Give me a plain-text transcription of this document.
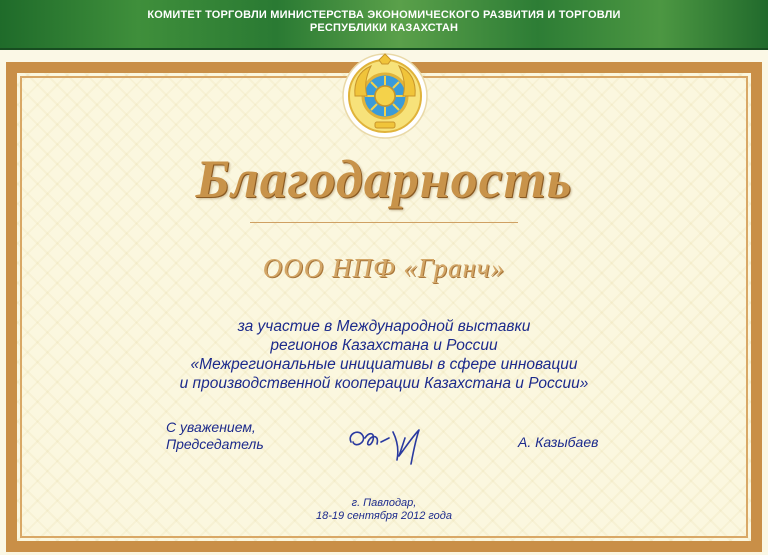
КОМИТЕТ ТОРГОВЛИ МИНИСТЕРСТВА ЭКОНОМИЧЕСКОГО РАЗВИТИЯ И ТОРГОВЛИ
РЕСПУБЛИКИ КАЗАХСТАН
Благодарность
ООО НПФ «Гранч»
за участие в Международной выставки
регионов Казахстана и России
«Межрегиональные инициативы в сфере инновации
и производственной кооперации Казахстана и России»
С уважением,
Председатель	А. Казыбаев
г. Павлодар,
18-19 сентября 2012 года
